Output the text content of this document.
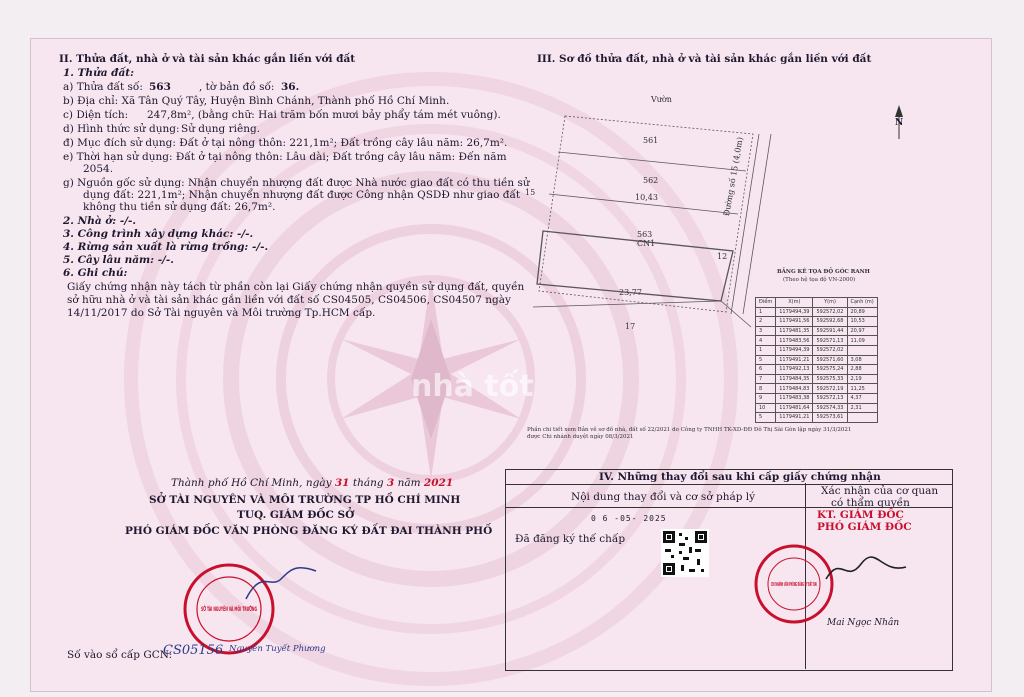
II. Thửa đất, nhà ở và tài sản khác gắn liền với đất
1. Thửa đất:
a) Thửa đất số: 563	, tờ bản đồ số: 36.
b) Địa chỉ: Xã Tân Quý Tây, Huyện Bình Chánh, Thành phố Hồ Chí Minh.
c) Diện tích: 247,8m², (bằng chữ: Hai trăm bốn mươi bảy phẩy tám mét vuông).
d) Hình thức sử dụng: Sử dụng riêng.
đ) Mục đích sử dụng: Đất ở tại nông thôn: 221,1m²; Đất trồng cây lâu năm: 26,7m².
e) Thời hạn sử dụng: Đất ở tại nông thôn: Lâu dài; Đất trồng cây lâu năm: Đến năm
2054.
g) Nguồn gốc sử dụng: Nhận chuyển nhượng đất được Nhà nước giao đất có thu tiền sử
dụng đất: 221,1m²; Nhận chuyển nhượng đất được Công nhận QSDĐ như giao đất
không thu tiền sử dụng đất: 26,7m².
2. Nhà ở: -/-.
3. Công trình xây dựng khác: -/-.
4. Rừng sản xuất là rừng trồng: -/-.
5. Cây lâu năm: -/-.
6. Ghi chú:
Giấy chứng nhận này tách từ phần còn lại Giấy chứng nhận quyền sử dụng đất, quyền
sở hữu nhà ở và tài sản khác gắn liền với đất số CS04505, CS04506, CS04507 ngày
14/11/2017 do Sở Tài nguyên và Môi trường Tp.HCM cấp.
III. Sơ đồ thửa đất, nhà ở và tài sản khác gắn liền với đất
Vườn
561
562
10,43
15
563
CN1
23,77
17
12
Đường số 15 (4,0m)
N
BẢNG KÊ TỌA ĐỘ GÓC RANH
(Theo hệ tọa độ VN-2000)
Điểm	X(m)	Y(m)	Cạnh (m)
1	1179494,39	592572,02	20,89
2	1179491,56	592592,68	10,53
3	1179481,35	592591,44	20,97
4	1179483,56	592571,13	11,09
1	1179494,39	592572,02	
5	1179491,21	592571,60	3,08
6	1179492,13	592575,24	2,88
7	1179484,35	592575,33	2,19
8	1179484,83	592572,19	11,25
9	1179483,38	592572,13	4,37
10	1179481,64	592574,33	2,31
5	1179491,21	592573,61	
Phần chi tiết xem Bản vẽ sơ đồ nhà, đất số 22/2021 do Công ty TNHH TK-XD-ĐĐ Đô Thị Sài Gòn lập ngày 31/3/2021
được Chi nhánh duyệt ngày 08/3/2021
Thành phố Hồ Chí Minh, ngày 31 tháng 3 năm 2021
SỞ TÀI NGUYÊN VÀ MÔI TRƯỜNG TP HỒ CHÍ MINH
TUQ. GIÁM ĐỐC SỞ
PHÓ GIÁM ĐỐC VĂN PHÒNG ĐĂNG KÝ ĐẤT ĐAI THÀNH PHỐ
SỞ TÀI NGUYÊN VÀ MÔI TRƯỜNG
Nguyễn Tuyết Phương
Số vào sổ cấp GCN:
CS05156
IV. Những thay đổi sau khi cấp giấy chứng nhận
Nội dung thay đổi và cơ sở pháp lý	Xác nhận của cơ quan
có thẩm quyền
0 6 -05- 2025
Đã đăng ký thế chấp
KT. GIÁM ĐỐC
PHÓ GIÁM ĐỐC
CHI NHÁNH VĂN PHÒNG ĐĂNG KÝ ĐẤT ĐAI
Mai Ngọc Nhân
nhà tốt
